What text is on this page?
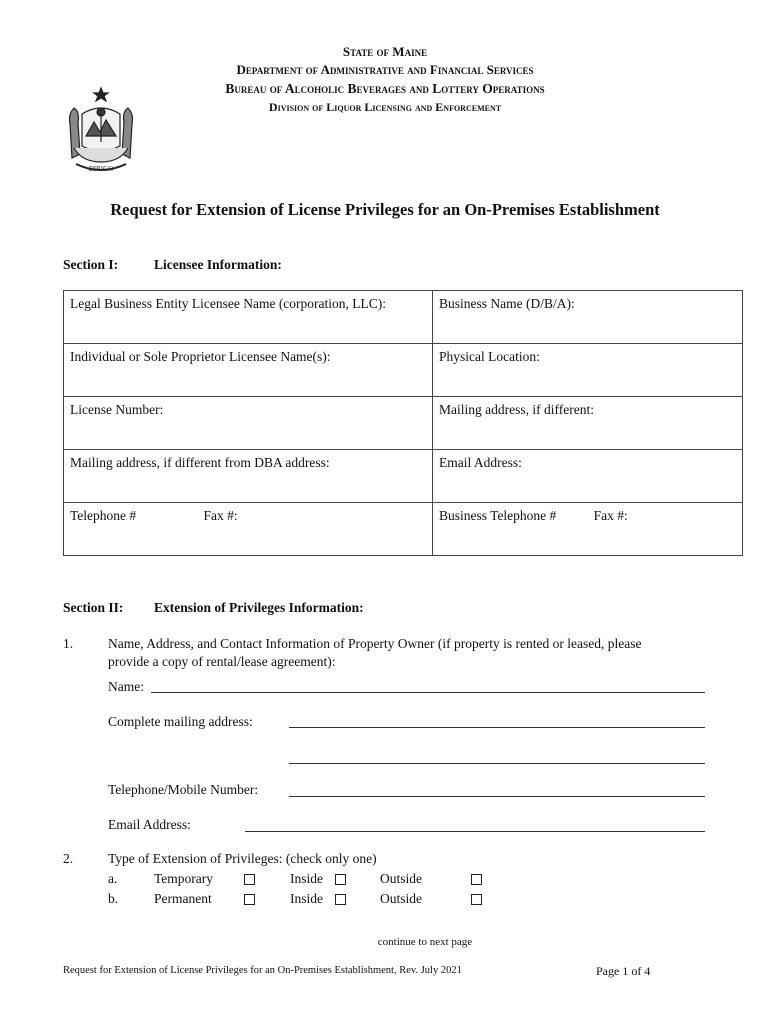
State of Maine
Department of Administrative and Financial Services
Bureau of Alcoholic Beverages and Lottery Operations
Division of Liquor Licensing and Enforcement
DIRIGO
Request for Extension of License Privileges for an On-Premises Establishment
Section I:	Licensee Information:
Legal Business Entity Licensee Name (corporation, LLC):	Business Name (D/B/A):
Individual or Sole Proprietor Licensee Name(s):	Physical Location:
License Number:	Mailing address, if different:
Mailing address, if different from DBA address:	Email Address:
Telephone # Fax #:	Business Telephone # Fax #:
Section II: Extension of Privileges Information:
1.	Name, Address, and Contact Information of Property Owner (if property is rented or leased, please
provide a copy of rental/lease agreement):
Name:
Complete mailing address:
Telephone/Mobile Number:
Email Address:
2.	Type of Extension of Privileges: (check only one)
a.	Temporary	Inside	Outside
b.	Permanent	Inside	Outside
continue to next page
Request for Extension of License Privileges for an On-Premises Establishment, Rev. July 2021	Page 1 of 4
